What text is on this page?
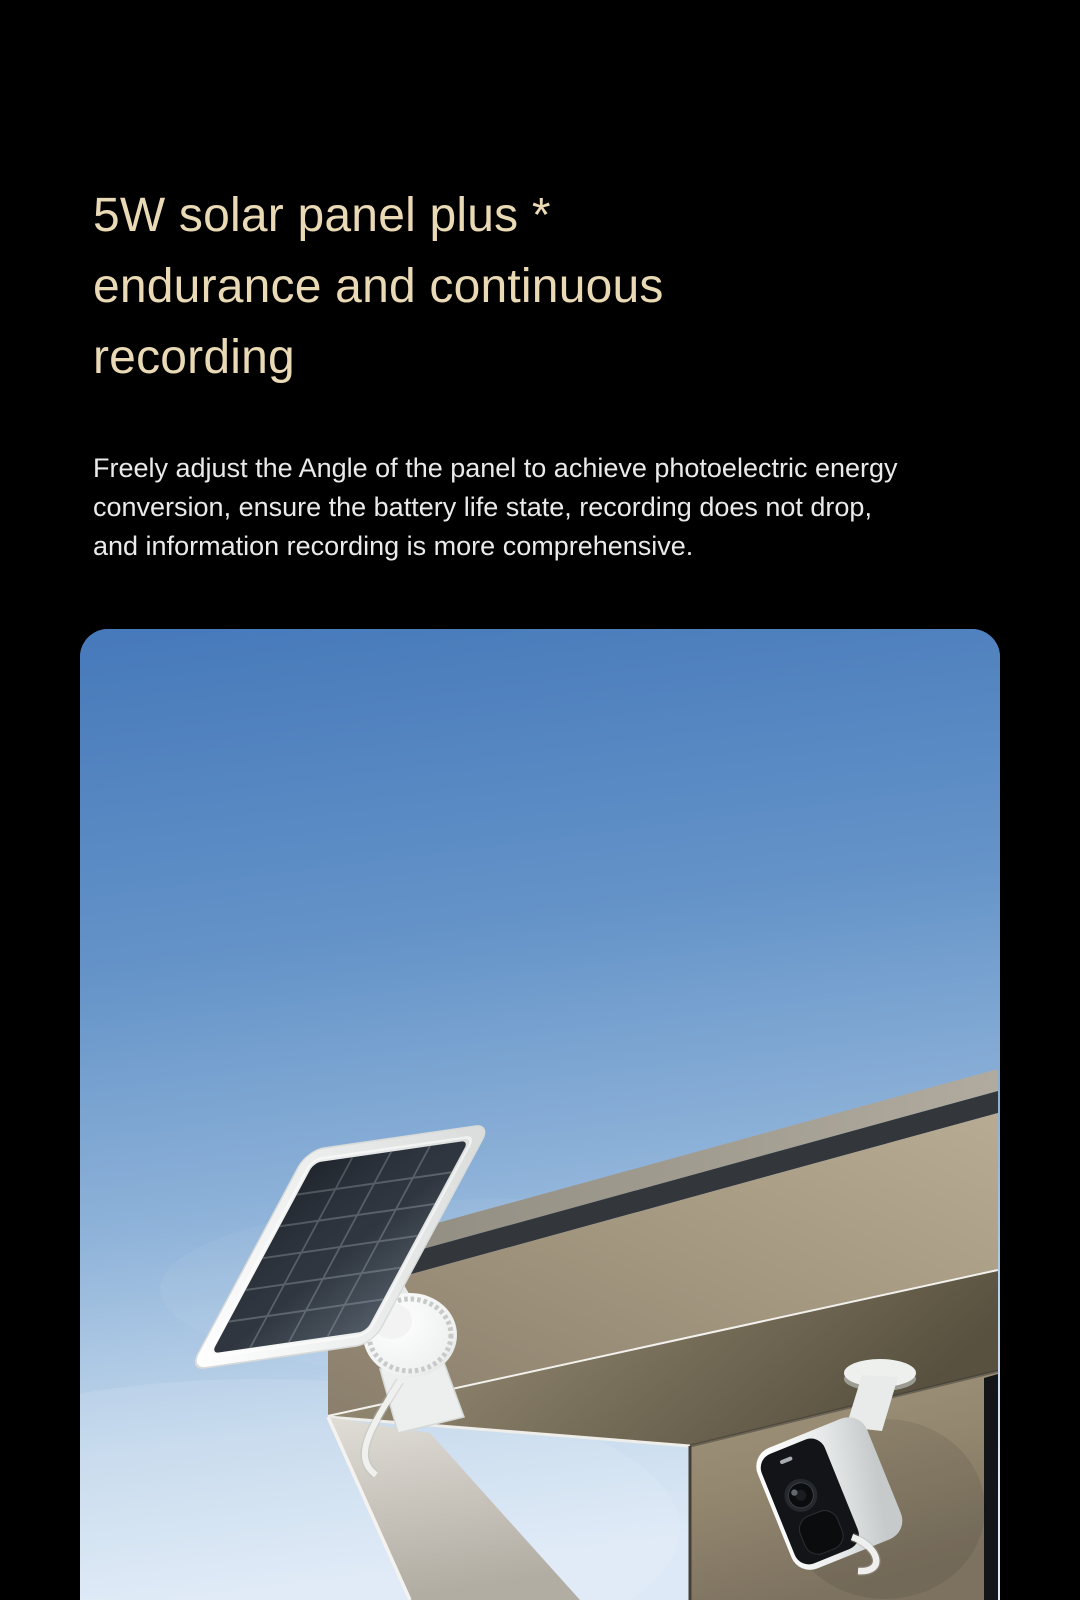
5W solar panel plus *
endurance and continuous
recording

Freely adjust the Angle of the panel to achieve photoelectric energy
conversion, ensure the battery life state, recording does not drop,
and information recording is more comprehensive.
